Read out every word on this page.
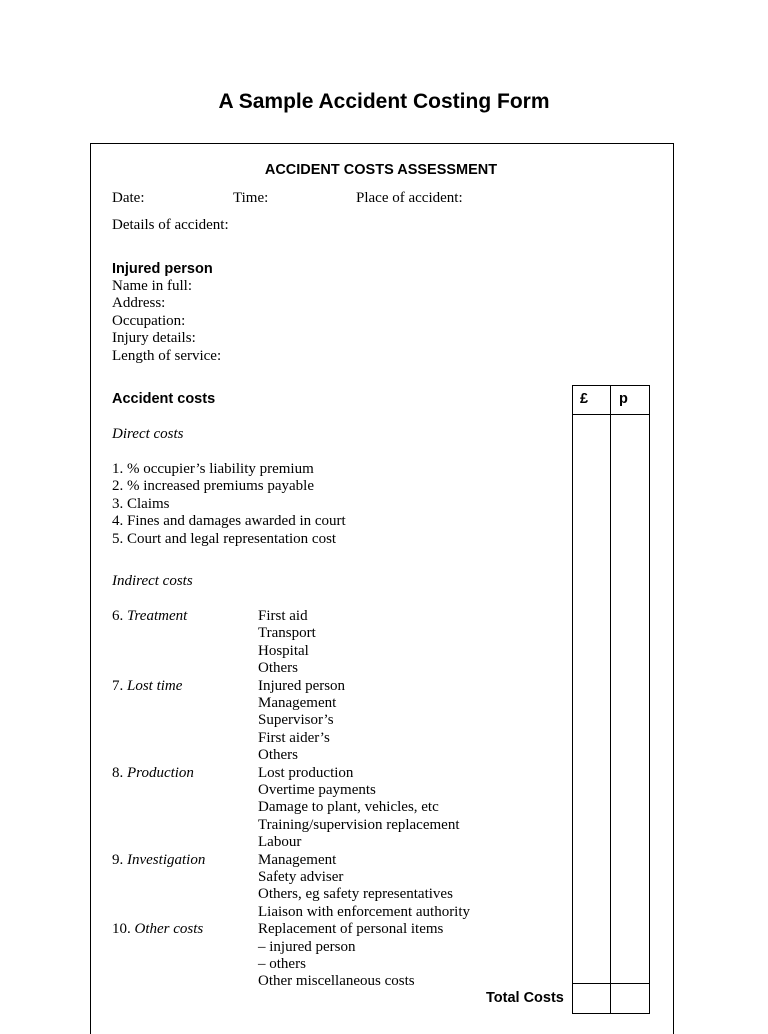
A Sample Accident Costing Form
ACCIDENT COSTS ASSESSMENT
Date:	Time:	Place of accident:
Details of accident:
Injured person
Name in full:
Address:
Occupation:
Injury details:
Length of service:
Accident costs	£ p
Direct costs
1. % occupier’s liability premium
2. % increased premiums payable
3. Claims
4. Fines and damages awarded in court
5. Court and legal representation cost
Indirect costs
6. Treatment	First aid
Transport
Hospital
Others
7. Lost time	Injured person
Management
Supervisor’s
First aider’s
Others
8. Production	Lost production
Overtime payments
Damage to plant, vehicles, etc
Training/supervision replacement
Labour
9. Investigation	Management
Safety adviser
Others, eg safety representatives
Liaison with enforcement authority
10. Other costs	Replacement of personal items
– injured person
– others
Other miscellaneous costs
Total Costs
